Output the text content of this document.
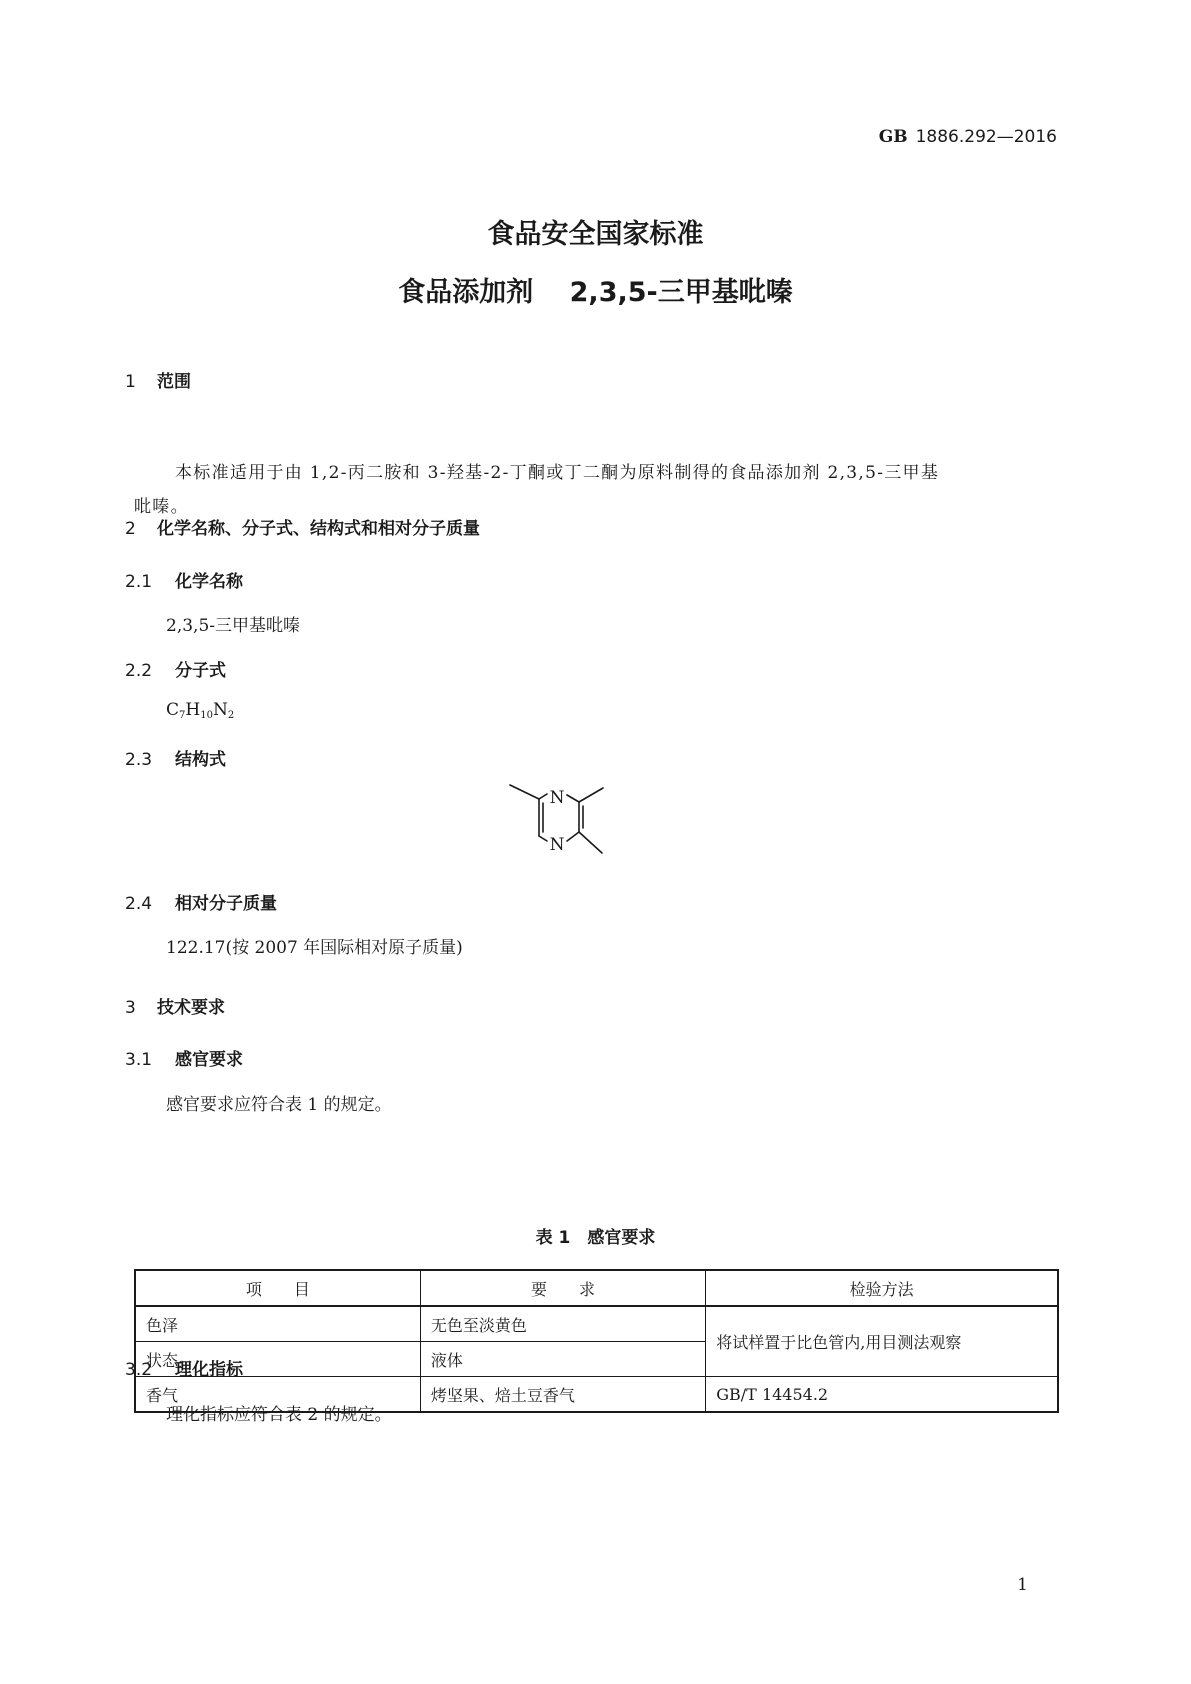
GB 1886.292—2016

食品安全国家标准

食品添加剂　 2,3,5-三甲基吡嗪

1 范围

本标准适用于由 1,2-丙二胺和 3-羟基-2-丁酮或丁二酮为原料制得的食品添加剂 2,3,5-三甲基
吡嗪。

2 化学名称、分子式、结构式和相对分子质量

2.1 化学名称

2,3,5-三甲基吡嗪

2.2 分子式

$C_7H_{10}N_2$

2.3 结构式

N
N

2.4 相对分子质量

122.17(按 2007 年国际相对原子质量)

3 技术要求

3.1 感官要求

感官要求应符合表 1 的规定。

表 1　感官要求

项　　目	要　　求	检验方法
色泽	无色至淡黄色	将试样置于比色管内,用目测法观察
状态	液体	
香气	烤坚果、焙土豆香气	GB/T 14454.2

3.2 理化指标

理化指标应符合表 2 的规定。

1
